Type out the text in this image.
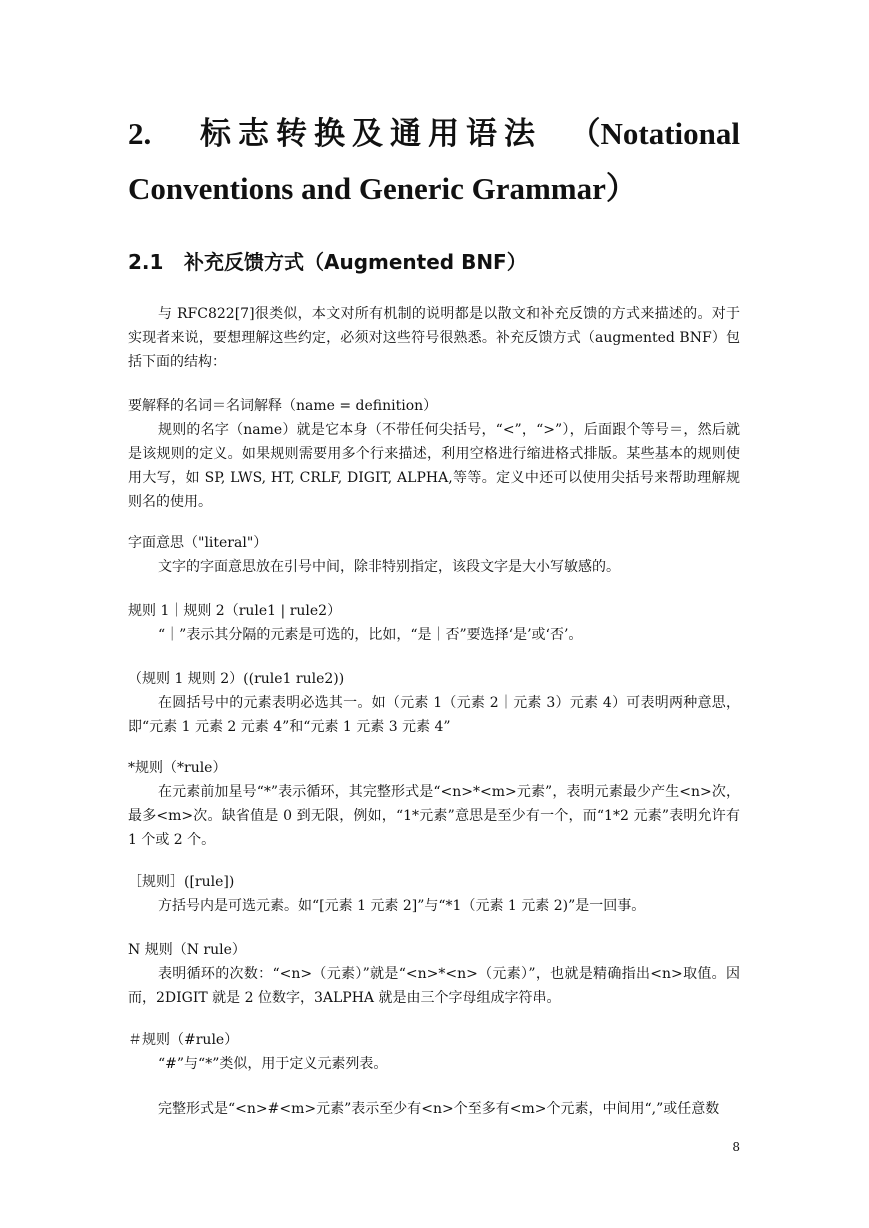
2. 标志转换及通用语法 （Notational
Conventions and Generic Grammar）
2.1 补充反馈方式（Augmented BNF）
与 RFC822[7]很类似，本文对所有机制的说明都是以散文和补充反馈的方式来描述的。对于实现者来说，要想理解这些约定，必须对这些符号很熟悉。补充反馈方式（augmented BNF）包括下面的结构：
要解释的名词＝名词解释（name = definition）
规则的名字（name）就是它本身（不带任何尖括号，“<”，“>”），后面跟个等号＝，然后就是该规则的定义。如果规则需要用多个行来描述，利用空格进行缩进格式排版。某些基本的规则使用大写，如 SP, LWS, HT, CRLF, DIGIT, ALPHA,等等。定义中还可以使用尖括号来帮助理解规则名的使用。
字面意思（"literal"）
文字的字面意思放在引号中间，除非特别指定，该段文字是大小写敏感的。
规则 1｜规则 2（rule1 | rule2）
“｜”表示其分隔的元素是可选的，比如，“是｜否”要选择‘是’或‘否’。
（规则 1 规则 2）((rule1 rule2))
在圆括号中的元素表明必选其一。如（元素 1（元素 2｜元素 3）元素 4）可表明两种意思，即“元素 1 元素 2 元素 4”和“元素 1 元素 3 元素 4”
*规则（*rule）
在元素前加星号“*”表示循环，其完整形式是“<n>*<m>元素”，表明元素最少产生<n>次，最多<m>次。缺省值是 0 到无限，例如，“1*元素”意思是至少有一个，而“1*2 元素”表明允许有 1 个或 2 个。
［规则］([rule])
方括号内是可选元素。如“[元素 1 元素 2]”与“*1（元素 1 元素 2)”是一回事。
N 规则（N rule）
表明循环的次数：“<n>（元素）”就是“<n>*<n>（元素）”，也就是精确指出<n>取值。因而，2DIGIT 就是 2 位数字，3ALPHA 就是由三个字母组成字符串。
＃规则（#rule）
“#”与“*”类似，用于定义元素列表。
完整形式是“<n>#<m>元素”表示至少有<n>个至多有<m>个元素，中间用“,”或任意数
8
